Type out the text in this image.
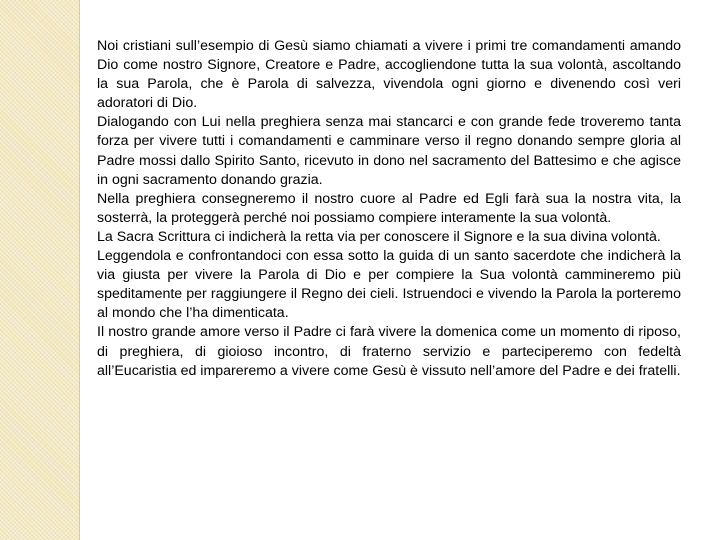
Noi cristiani sull’esempio di Gesù siamo chiamati a vivere i primi tre comandamenti amando Dio come nostro Signore, Creatore e Padre, accogliendone tutta la sua volontà, ascoltando la sua Parola, che è Parola di salvezza, vivendola ogni giorno e divenendo così veri adoratori di Dio.

Dialogando con Lui nella preghiera senza mai stancarci e con grande fede troveremo tanta forza per vivere tutti i comandamenti e camminare verso il regno donando sempre gloria al Padre mossi dallo Spirito Santo, ricevuto in dono nel sacramento del Battesimo e che agisce in ogni sacramento donando grazia.

Nella preghiera consegneremo il nostro cuore al Padre ed Egli farà sua la nostra vita, la sosterrà, la proteggerà perché noi possiamo compiere interamente la sua volontà.

La Sacra Scrittura ci indicherà la retta via per conoscere il Signore e la sua divina volontà.

Leggendola e confrontandoci con essa sotto la guida di un santo sacerdote che indicherà la via giusta per vivere la Parola di Dio e per compiere la Sua volontà cammineremo più speditamente per raggiungere il Regno dei cieli. Istruendoci e vivendo la Parola la porteremo al mondo che l’ha dimenticata.

Il nostro grande amore verso il Padre ci farà vivere la domenica come un momento di riposo, di preghiera, di gioioso incontro, di fraterno servizio e parteciperemo con fedeltà all’Eucaristia ed impareremo a vivere come Gesù è vissuto nell’amore del Padre e dei fratelli.
